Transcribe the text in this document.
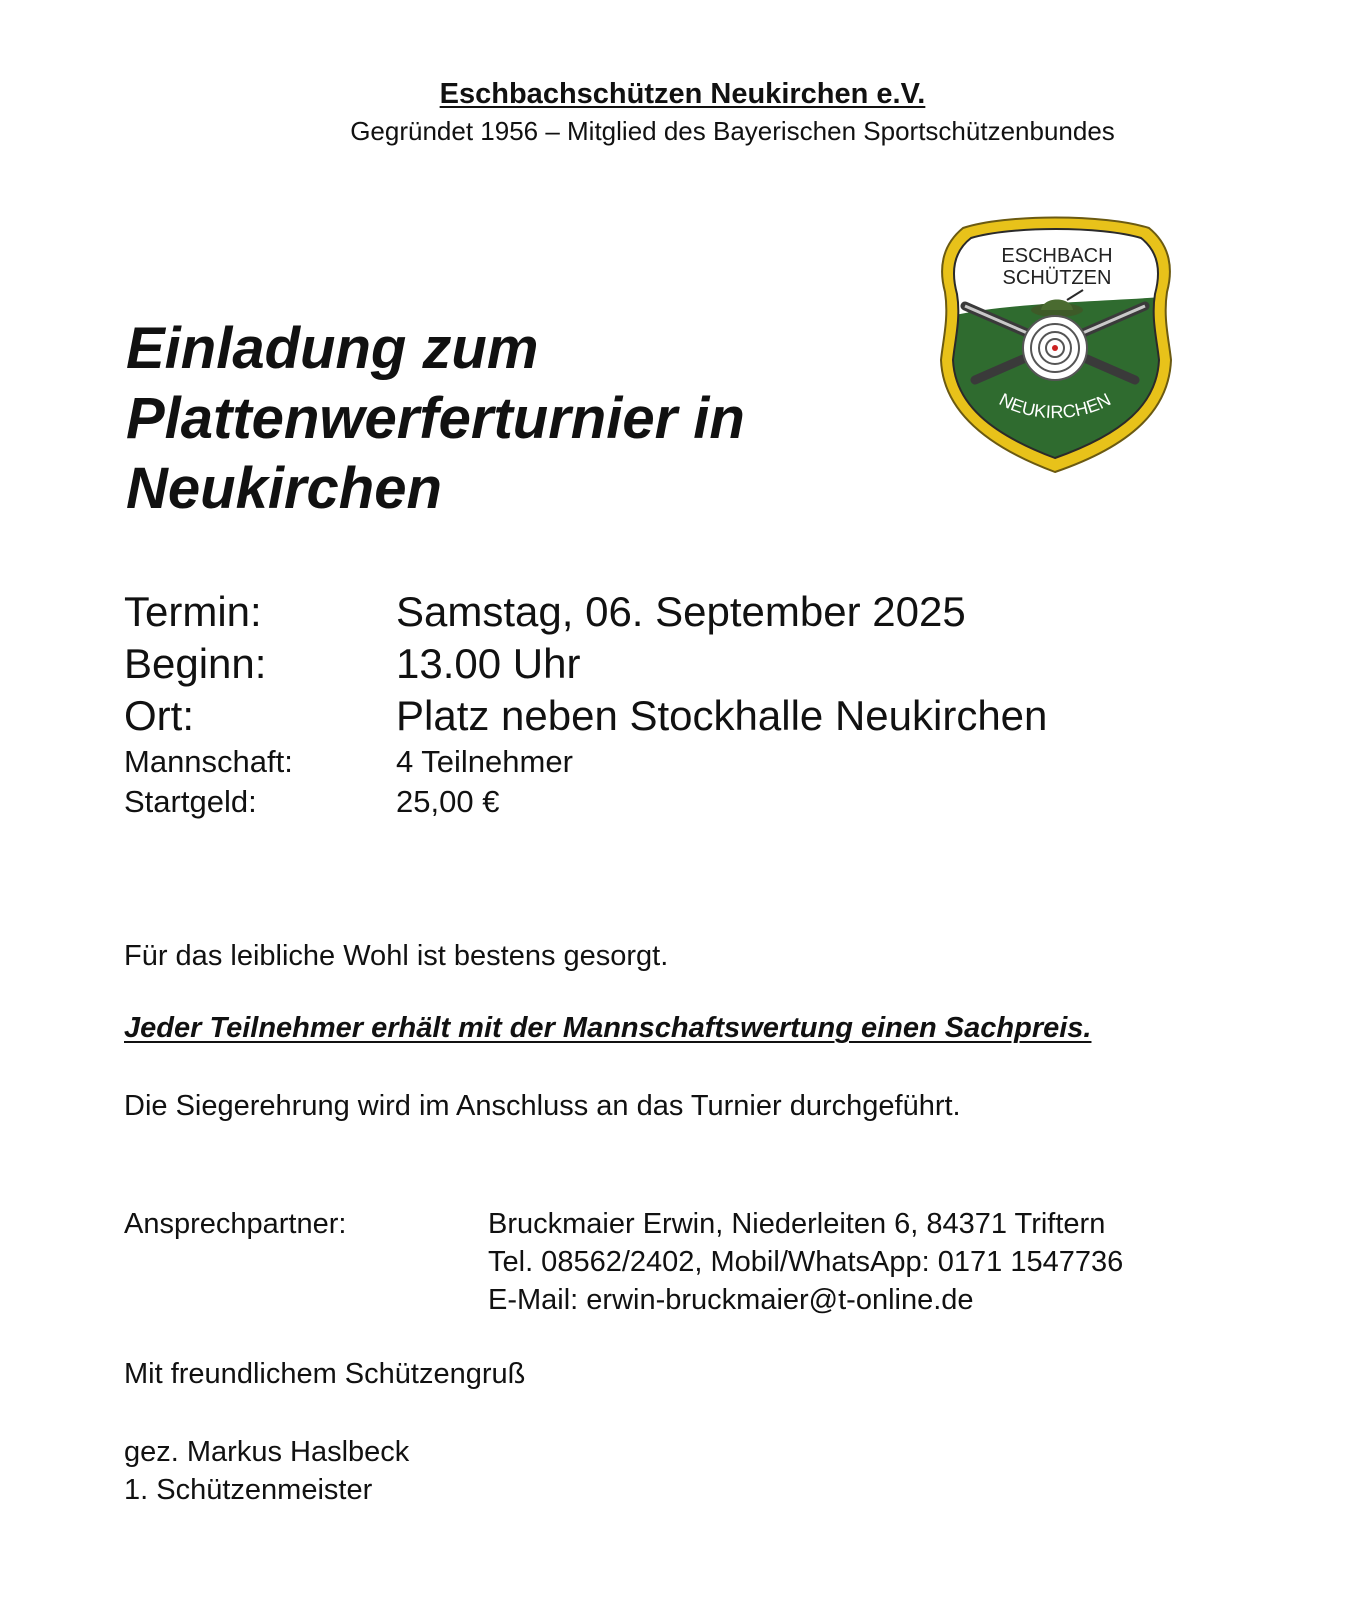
Eschbachschützen Neukirchen e.V.
Gegründet 1956 – Mitglied des Bayerischen Sportschützenbundes
ESCHBACH
SCHÜTZEN
NEUKIRCHEN
Einladung zum
Plattenwerferturnier in
Neukirchen
Termin:	Samstag, 06. September 2025
Beginn:	13.00 Uhr
Ort:	Platz neben Stockhalle Neukirchen
Mannschaft:	4 Teilnehmer
Startgeld:	25,00 €
Für das leibliche Wohl ist bestens gesorgt.
Jeder Teilnehmer erhält mit der Mannschaftswertung einen Sachpreis.
Die Siegerehrung wird im Anschluss an das Turnier durchgeführt.
Ansprechpartner:	Bruckmaier Erwin, Niederleiten 6, 84371 Triftern
Tel. 08562/2402, Mobil/WhatsApp: 0171 1547736
E-Mail: erwin-bruckmaier@t-online.de
Mit freundlichem Schützengruß
gez. Markus Haslbeck
1. Schützenmeister
